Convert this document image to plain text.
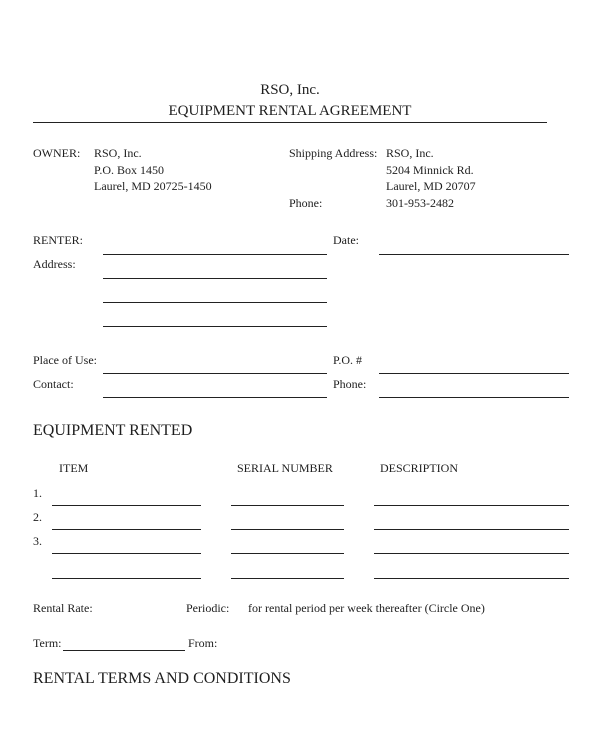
RSO, Inc.
EQUIPMENT RENTAL AGREEMENT
OWNER: RSO, Inc.
P.O. Box 1450
Laurel, MD 20725-1450
Shipping Address: RSO, Inc.
5204 Minnick Rd.
Laurel, MD 20707
Phone:	301-953-2482
RENTER:	Date:
Address:
Place of Use:	P.O. #
Contact:	Phone:
EQUIPMENT RENTED
ITEM	SERIAL NUMBER	DESCRIPTION
1.
2.
3.
Rental Rate:	Periodic: for rental period per week thereafter (Circle One)
Term:	From:
RENTAL TERMS AND CONDITIONS
